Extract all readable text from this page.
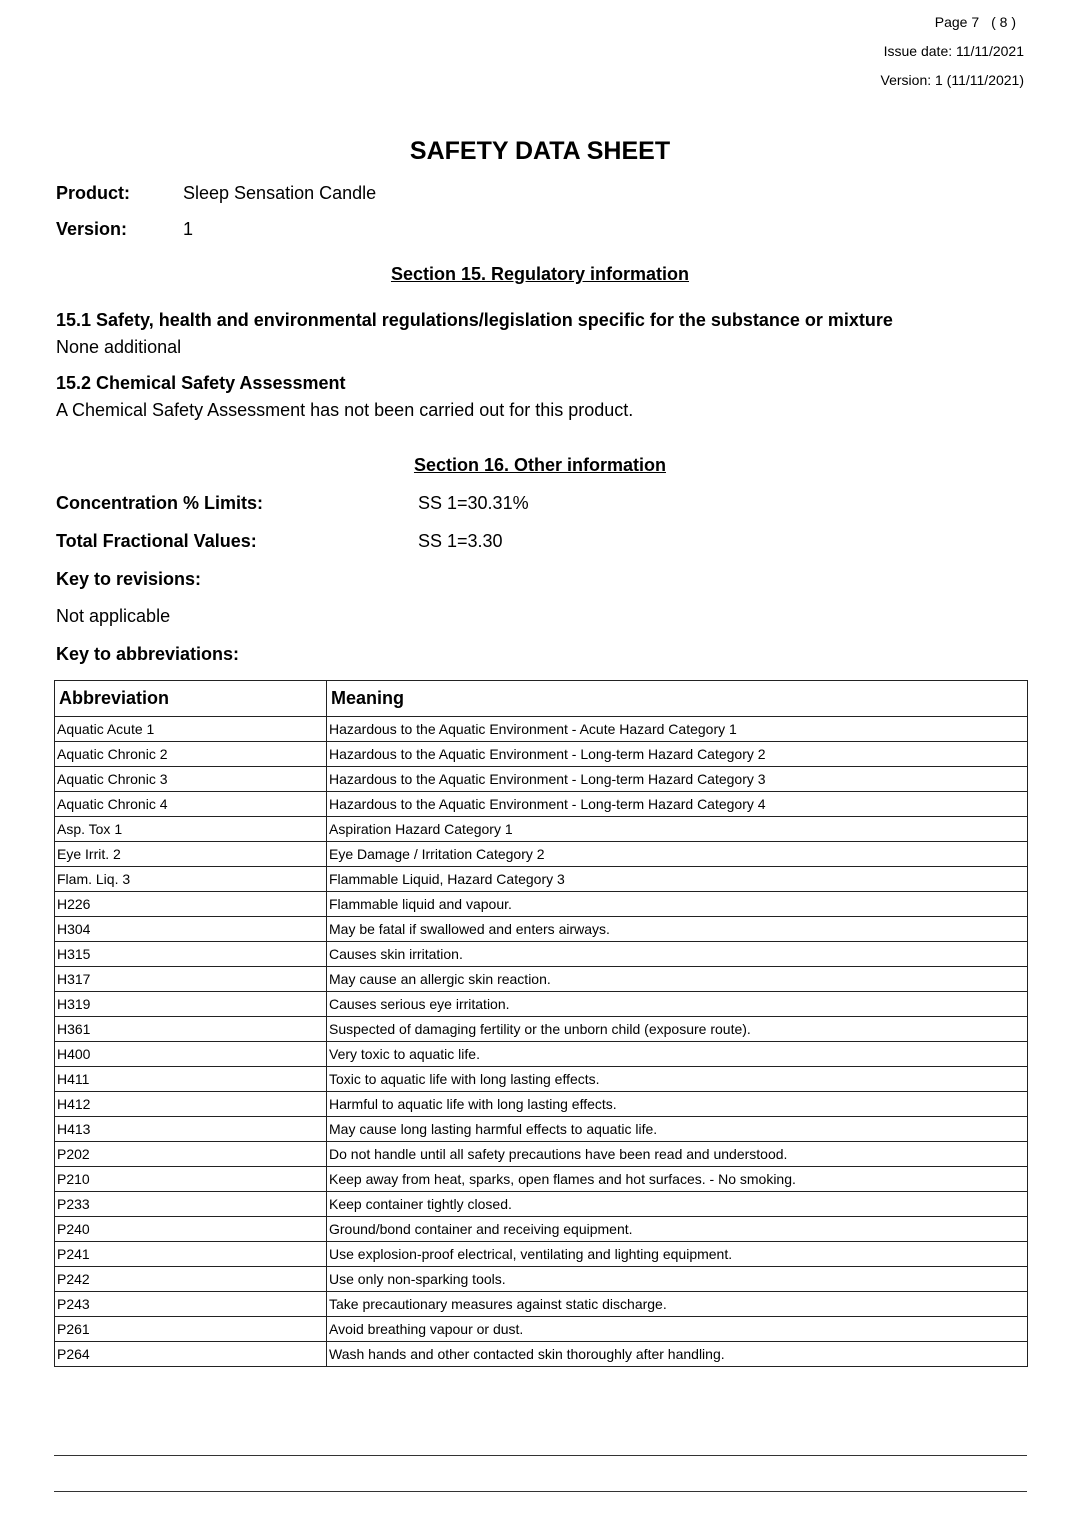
Page 7 ( 8 )
Issue date: 11/11/2021
Version: 1 (11/11/2021)
SAFETY DATA SHEET
Product:	Sleep Sensation Candle
Version:	1
Section 15. Regulatory information
15.1 Safety, health and environmental regulations/legislation specific for the substance or mixture
None additional
15.2 Chemical Safety Assessment
A Chemical Safety Assessment has not been carried out for this product.
Section 16. Other information
Concentration % Limits:	SS 1=30.31%
Total Fractional Values:	SS 1=3.30
Key to revisions:
Not applicable
Key to abbreviations:
Abbreviation	Meaning
Aquatic Acute 1	Hazardous to the Aquatic Environment - Acute Hazard Category 1
Aquatic Chronic 2	Hazardous to the Aquatic Environment - Long-term Hazard Category 2
Aquatic Chronic 3	Hazardous to the Aquatic Environment - Long-term Hazard Category 3
Aquatic Chronic 4	Hazardous to the Aquatic Environment - Long-term Hazard Category 4
Asp. Tox 1	Aspiration Hazard Category 1
Eye Irrit. 2	Eye Damage / Irritation Category 2
Flam. Liq. 3	Flammable Liquid, Hazard Category 3
H226	Flammable liquid and vapour.
H304	May be fatal if swallowed and enters airways.
H315	Causes skin irritation.
H317	May cause an allergic skin reaction.
H319	Causes serious eye irritation.
H361	Suspected of damaging fertility or the unborn child (exposure route).
H400	Very toxic to aquatic life.
H411	Toxic to aquatic life with long lasting effects.
H412	Harmful to aquatic life with long lasting effects.
H413	May cause long lasting harmful effects to aquatic life.
P202	Do not handle until all safety precautions have been read and understood.
P210	Keep away from heat, sparks, open flames and hot surfaces. - No smoking.
P233	Keep container tightly closed.
P240	Ground/bond container and receiving equipment.
P241	Use explosion-proof electrical, ventilating and lighting equipment.
P242	Use only non-sparking tools.
P243	Take precautionary measures against static discharge.
P261	Avoid breathing vapour or dust.
P264	Wash hands and other contacted skin thoroughly after handling.
